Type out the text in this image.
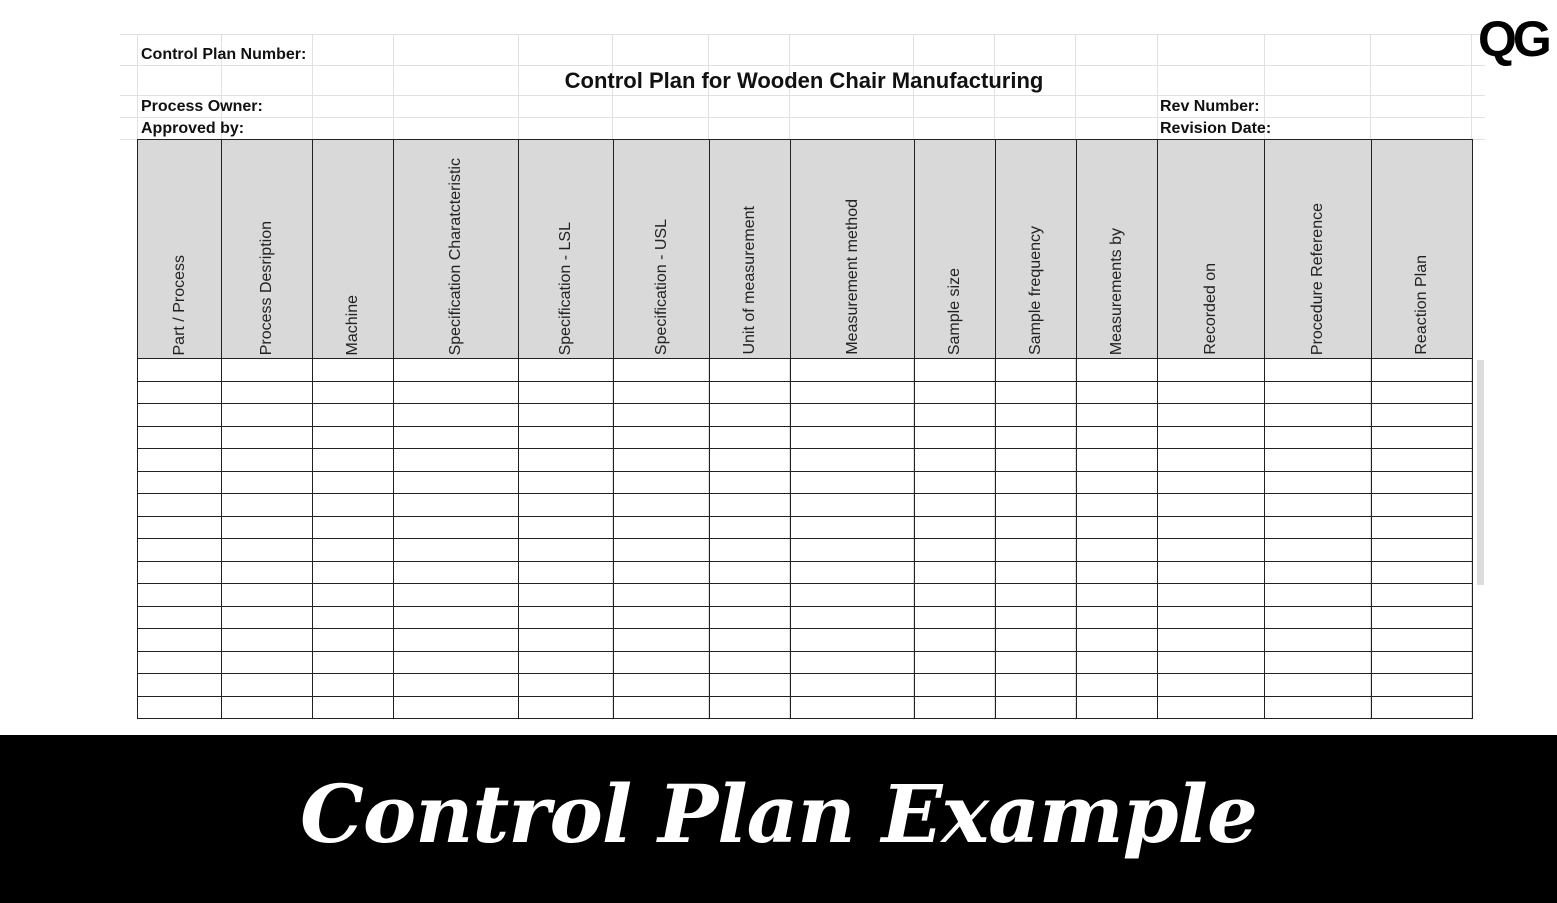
Control Plan Number:
Control Plan for Wooden Chair Manufacturing
Process Owner:
Approved by:
Rev Number:
Revision Date:
QG
Part / Process	Process Desription	Machine	Specification Charatcteristic	Specification - LSL	Specification - USL	Unit of measurement	Measurement method	Sample size	Sample frequency	Measurements by	Recorded on	Procedure Reference	Reaction Plan

Control Plan Example
